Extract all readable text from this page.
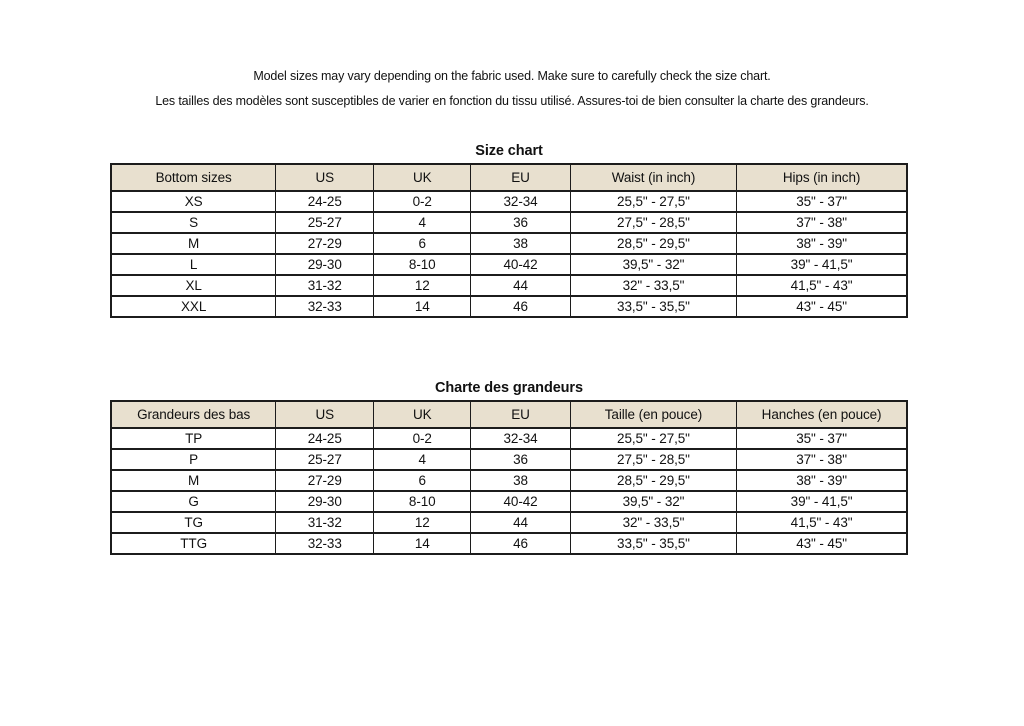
Model sizes may vary depending on the fabric used. Make sure to carefully check the size chart.

Les tailles des modèles sont susceptibles de varier en fonction du tissu utilisé. Assures-toi de bien consulter la charte des grandeurs.

Size chart
Bottom sizes	US	UK	EU	Waist (in inch)	Hips (in inch)
XS	24-25	0-2	32-34	25,5" - 27,5"	35" - 37"
S	25-27	4	36	27,5" - 28,5"	37" - 38"
M	27-29	6	38	28,5" - 29,5"	38" - 39"
L	29-30	8-10	40-42	39,5" - 32"	39" - 41,5"
XL	31-32	12	44	32" - 33,5"	41,5" - 43"
XXL	32-33	14	46	33,5" - 35,5"	43" - 45"
Charte des grandeurs
Grandeurs des bas	US	UK	EU	Taille (en pouce)	Hanches (en pouce)
TP	24-25	0-2	32-34	25,5" - 27,5"	35" - 37"
P	25-27	4	36	27,5" - 28,5"	37" - 38"
M	27-29	6	38	28,5" - 29,5"	38" - 39"
G	29-30	8-10	40-42	39,5" - 32"	39" - 41,5"
TG	31-32	12	44	32" - 33,5"	41,5" - 43"
TTG	32-33	14	46	33,5" - 35,5"	43" - 45"
